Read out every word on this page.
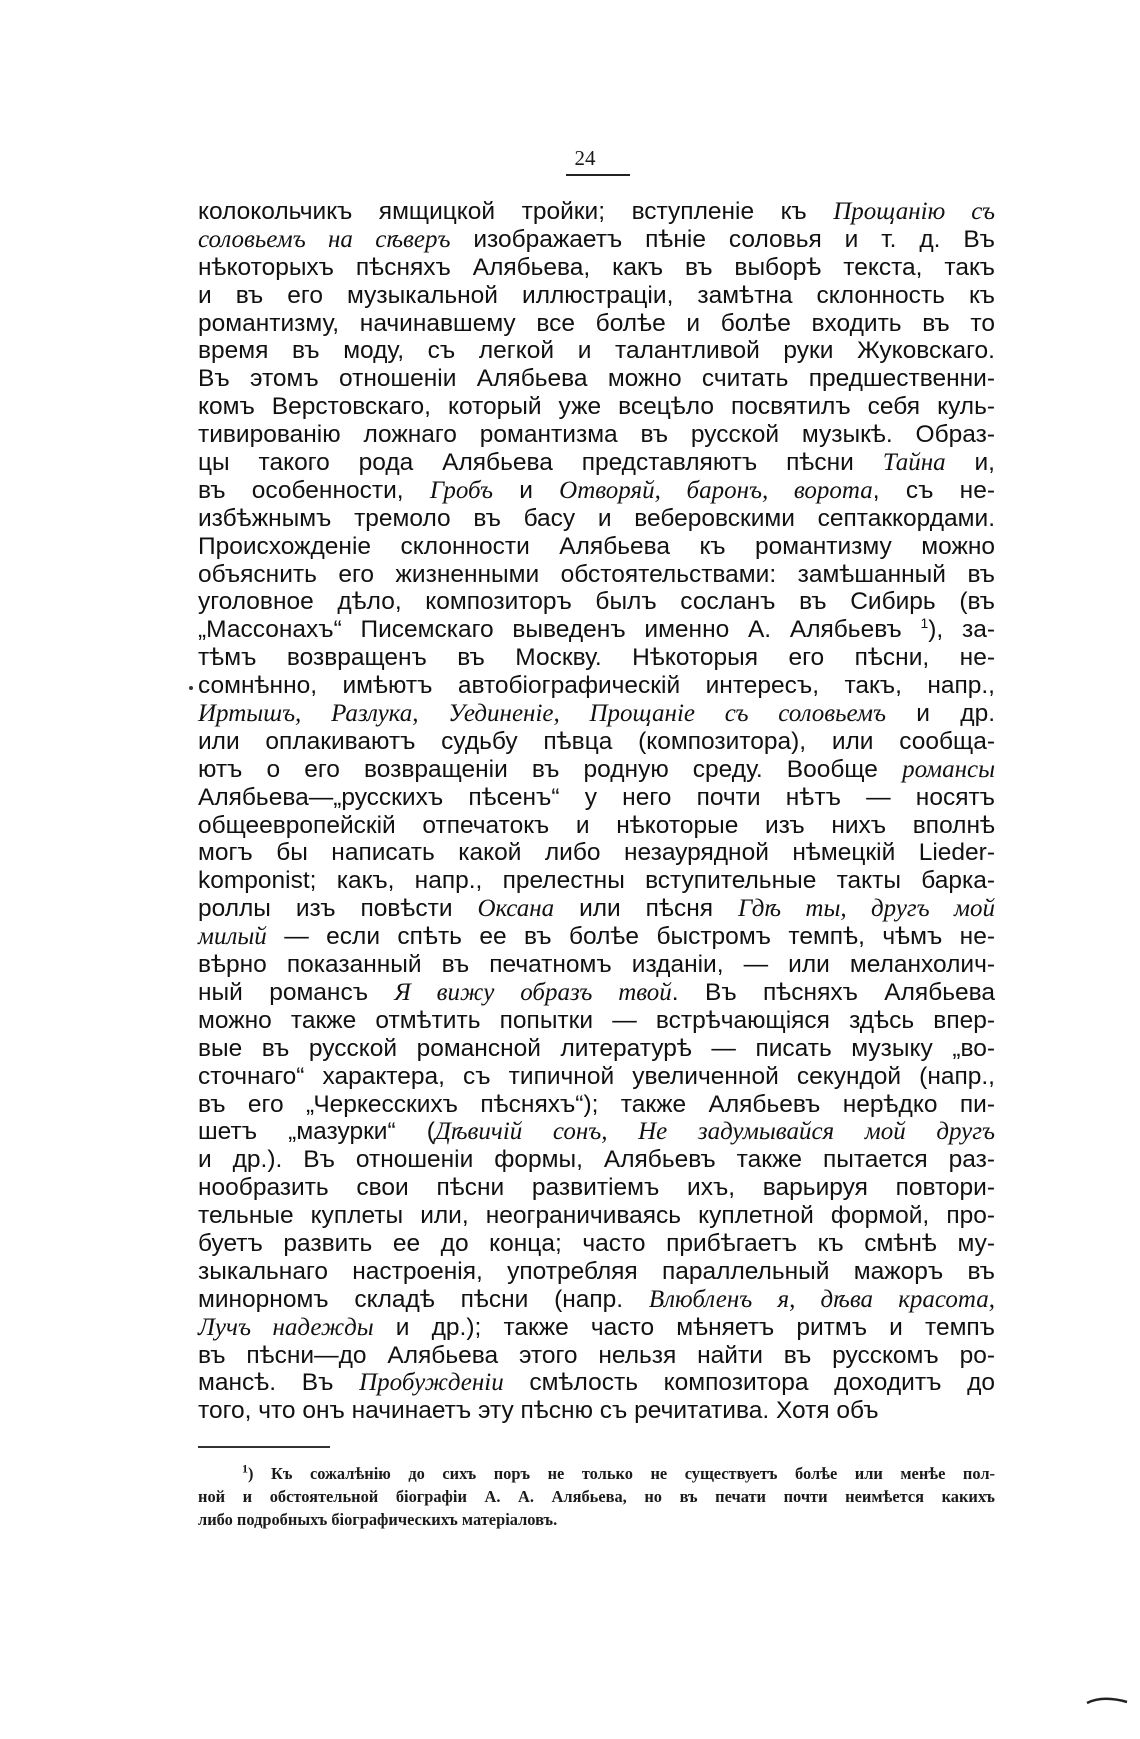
24
колокольчикъ ямщицкой тройки; вступленіе къ Прощанію съ
соловьемъ на сѣверъ изображаетъ пѣніе соловья и т. д. Въ
нѣкоторыхъ пѣсняхъ Алябьева, какъ въ выборѣ текста, такъ
и въ его музыкальной иллюстраціи, замѣтна склонность къ
романтизму, начинавшему все болѣе и болѣе входить въ то
время въ моду, съ легкой и талантливой руки Жуковскаго.
Въ этомъ отношеніи Алябьева можно считать предшественни-
комъ Верстовскаго, который уже всецѣло посвятилъ себя куль-
тивированію ложнаго романтизма въ русской музыкѣ. Образ-
цы такого рода Алябьева представляютъ пѣсни Тайна и,
въ особенности, Гробъ и Отворяй, баронъ, ворота, съ не-
избѣжнымъ тремоло въ басу и веберовскими септаккордами.
Происхожденіе склонности Алябьева къ романтизму можно
объяснить его жизненными обстоятельствами: замѣшанный въ
уголовное дѣло, композиторъ былъ сосланъ въ Сибирь (въ
„Массонахъ“ Писемскаго выведенъ именно А. Алябьевъ $^1$), за-
тѣмъ возвращенъ въ Москву. Нѣкоторыя его пѣсни, не-
сомнѣнно, имѣютъ автобіографическій интересъ, такъ, напр.,
Иртышъ, Разлука, Уединеніе, Прощаніе съ соловьемъ и др.
или оплакиваютъ судьбу пѣвца (композитора), или сообща-
ютъ о его возвращеніи въ родную среду. Вообще романсы
Алябьева—„русскихъ пѣсенъ“ у него почти нѣтъ — носятъ
общеевропейскій отпечатокъ и нѣкоторые изъ нихъ вполнѣ
могъ бы написать какой либо незаурядной нѣмецкій Lieder-
komponist; какъ, напр., прелестны вступительные такты барка-
роллы изъ повѣсти Оксана или пѣсня Гдѣ ты, другъ мой
милый — если спѣть ее въ болѣе быстромъ темпѣ, чѣмъ не-
вѣрно показанный въ печатномъ изданіи, — или меланхолич-
ный романсъ Я вижу образъ твой. Въ пѣсняхъ Алябьева
можно также отмѣтить попытки — встрѣчающіяся здѣсь впер-
вые въ русской романсной литературѣ — писать музыку „во-
сточнаго“ характера, съ типичной увеличенной секундой (напр.,
въ его „Черкесскихъ пѣсняхъ“); также Алябьевъ нерѣдко пи-
шетъ „мазурки“ (Дѣвичій сонъ, Не задумывайся мой другъ
и др.). Въ отношеніи формы, Алябьевъ также пытается раз-
нообразить свои пѣсни развитіемъ ихъ, варьируя повтори-
тельные куплеты или, неограничиваясь куплетной формой, про-
буетъ развить ее до конца; часто прибѣгаетъ къ смѣнѣ му-
зыкальнаго настроенія, употребляя параллельный мажоръ въ
минорномъ складѣ пѣсни (напр. Влюбленъ я, дѣва красота,
Лучъ надежды и др.); также часто мѣняетъ ритмъ и темпъ
въ пѣсни—до Алябьева этого нельзя найти въ русскомъ ро-
мансѣ. Въ Пробужденіи смѣлость композитора доходитъ до
того, что онъ начинаетъ эту пѣсню съ речитатива. Хотя объ
$^1$) Къ сожалѣнію до сихъ поръ не только не существуетъ болѣе или менѣе пол-
ной и обстоятельной біографіи А. А. Алябьева, но въ печати почти неимѣется какихъ
либо подробныхъ біографическихъ матеріаловъ.
